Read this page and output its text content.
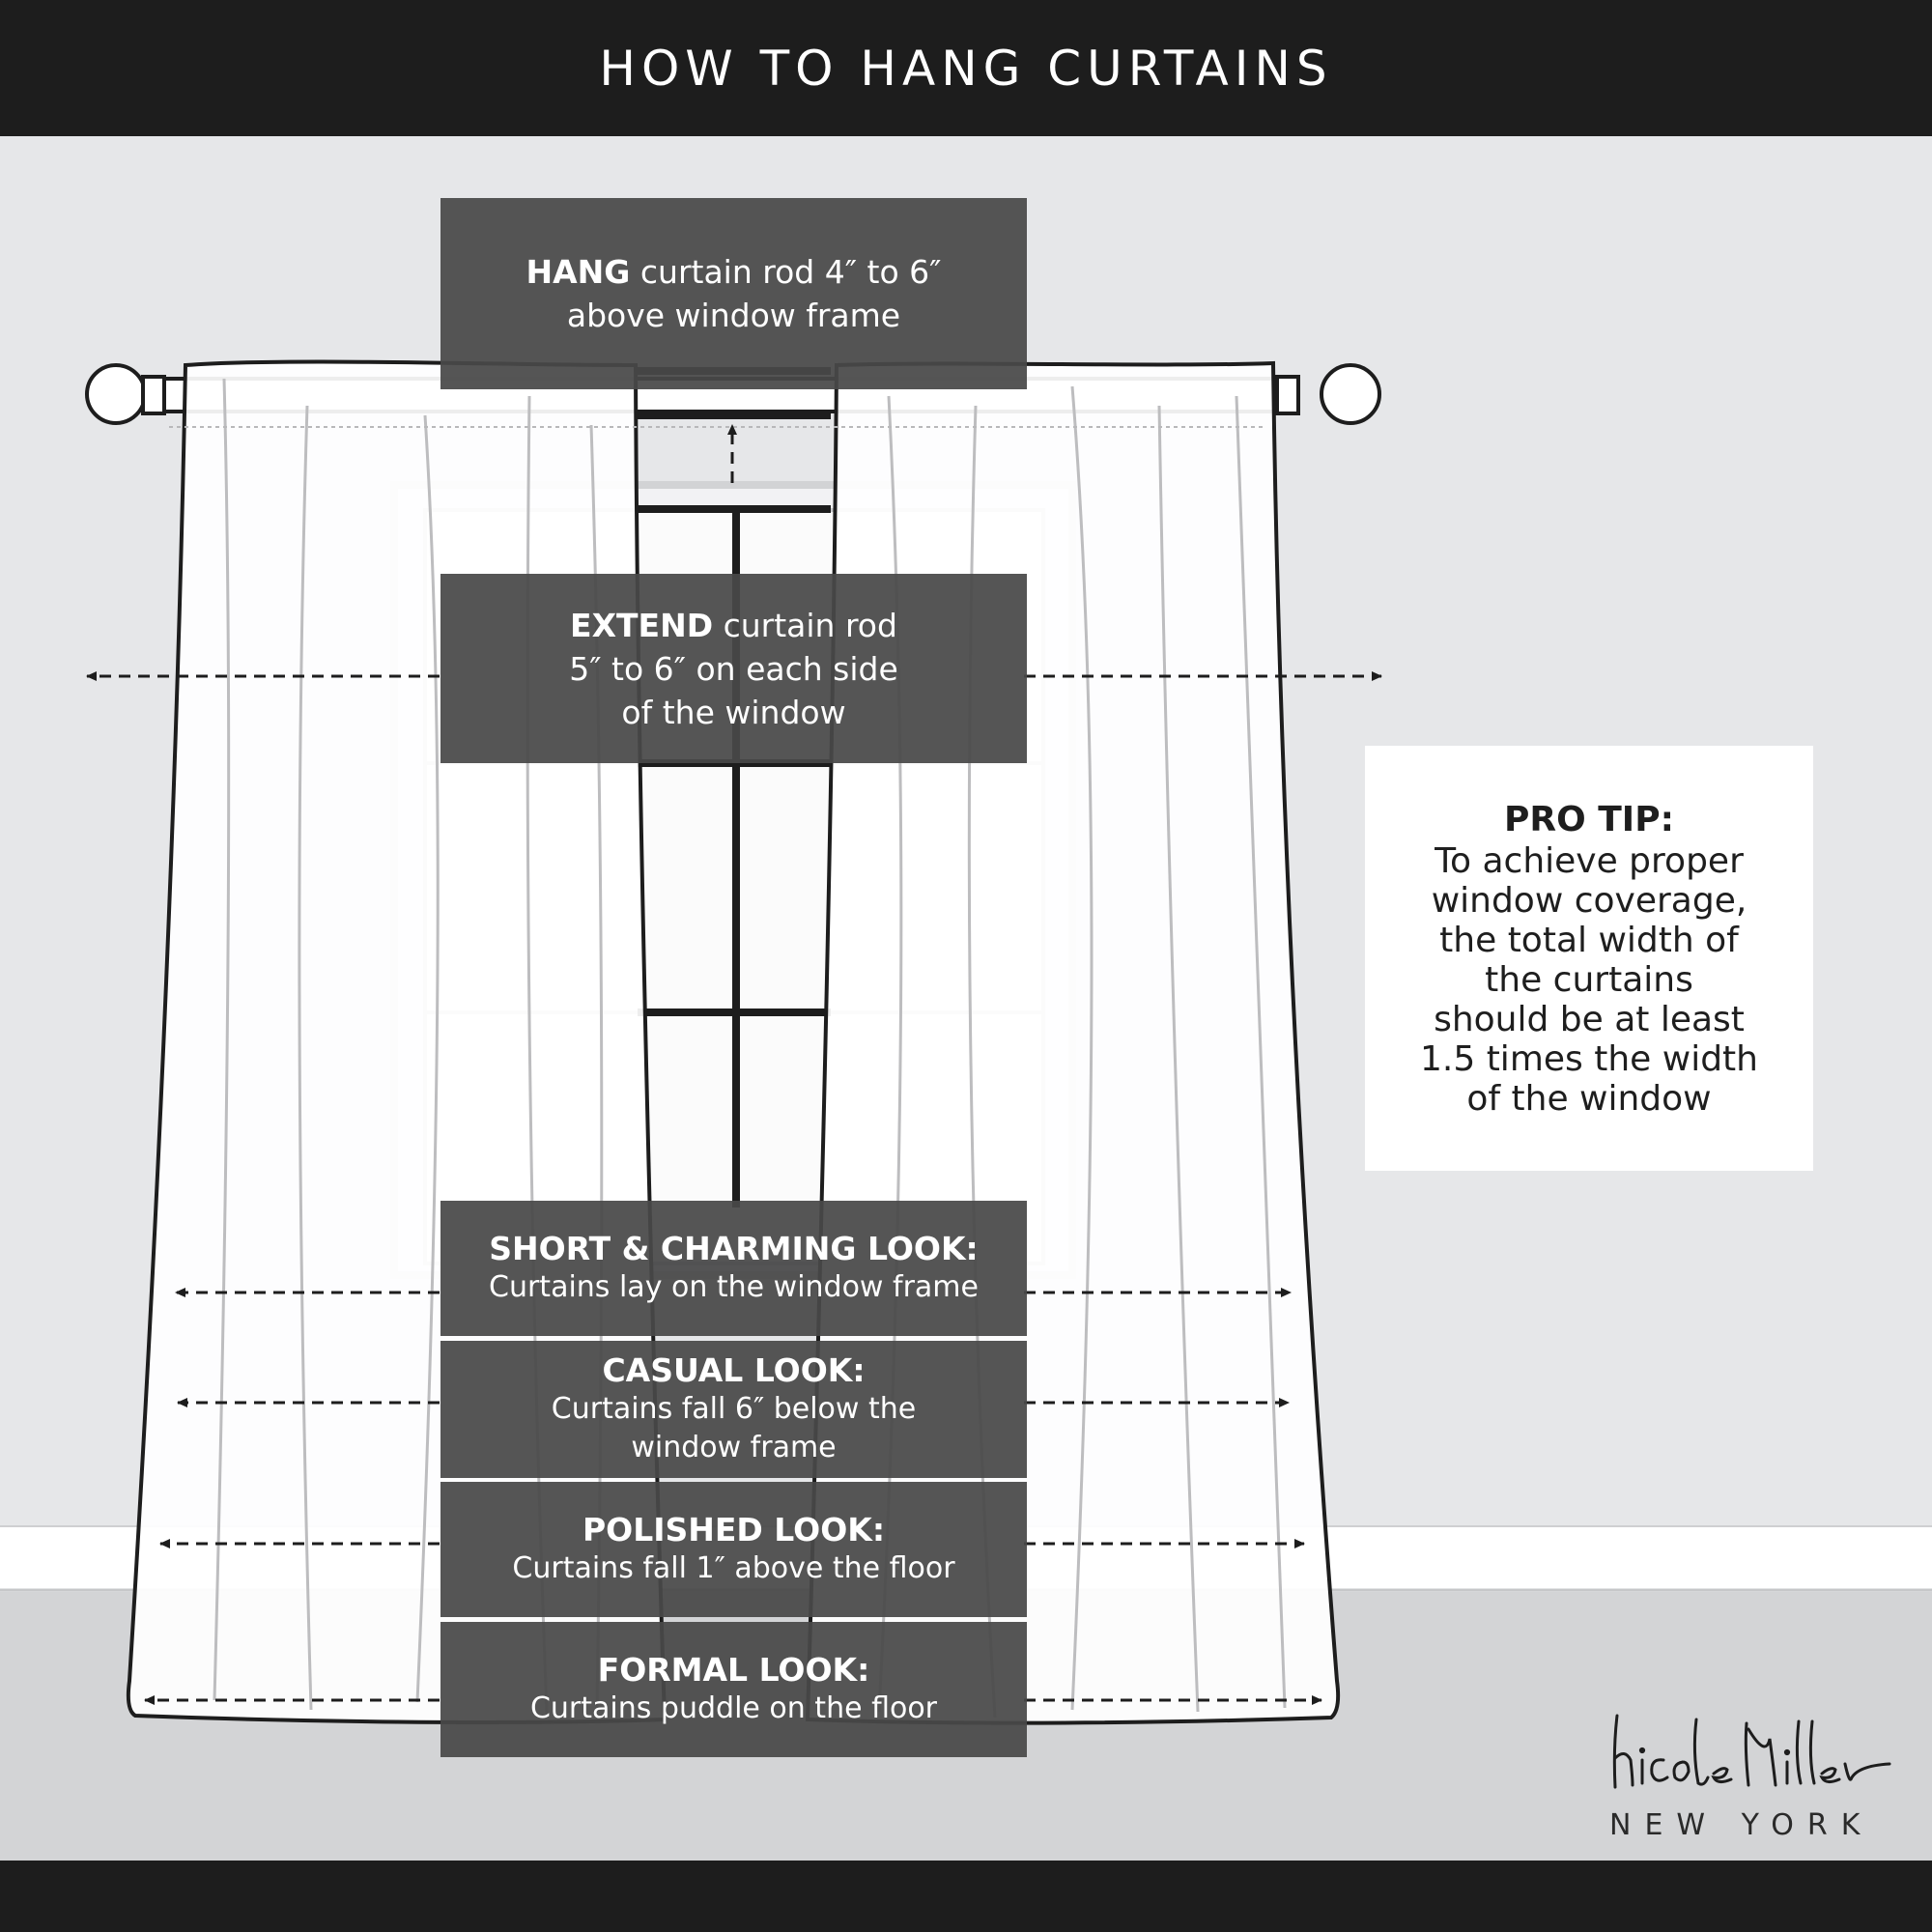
HOW TO HANG CURTAINS
HANG curtain rod 4″ to 6″
above window frame
EXTEND curtain rod
5″ to 6″ on each side
of the window
SHORT & CHARMING LOOK:
Curtains lay on the window frame
CASUAL LOOK:
Curtains fall 6″ below the
window frame
POLISHED LOOK:
Curtains fall 1″ above the floor
FORMAL LOOK:
Curtains puddle on the floor
PRO TIP:
To achieve proper
window coverage,
the total width of
the curtains
should be at least
1.5 times the width
of the window
NEW YORK
